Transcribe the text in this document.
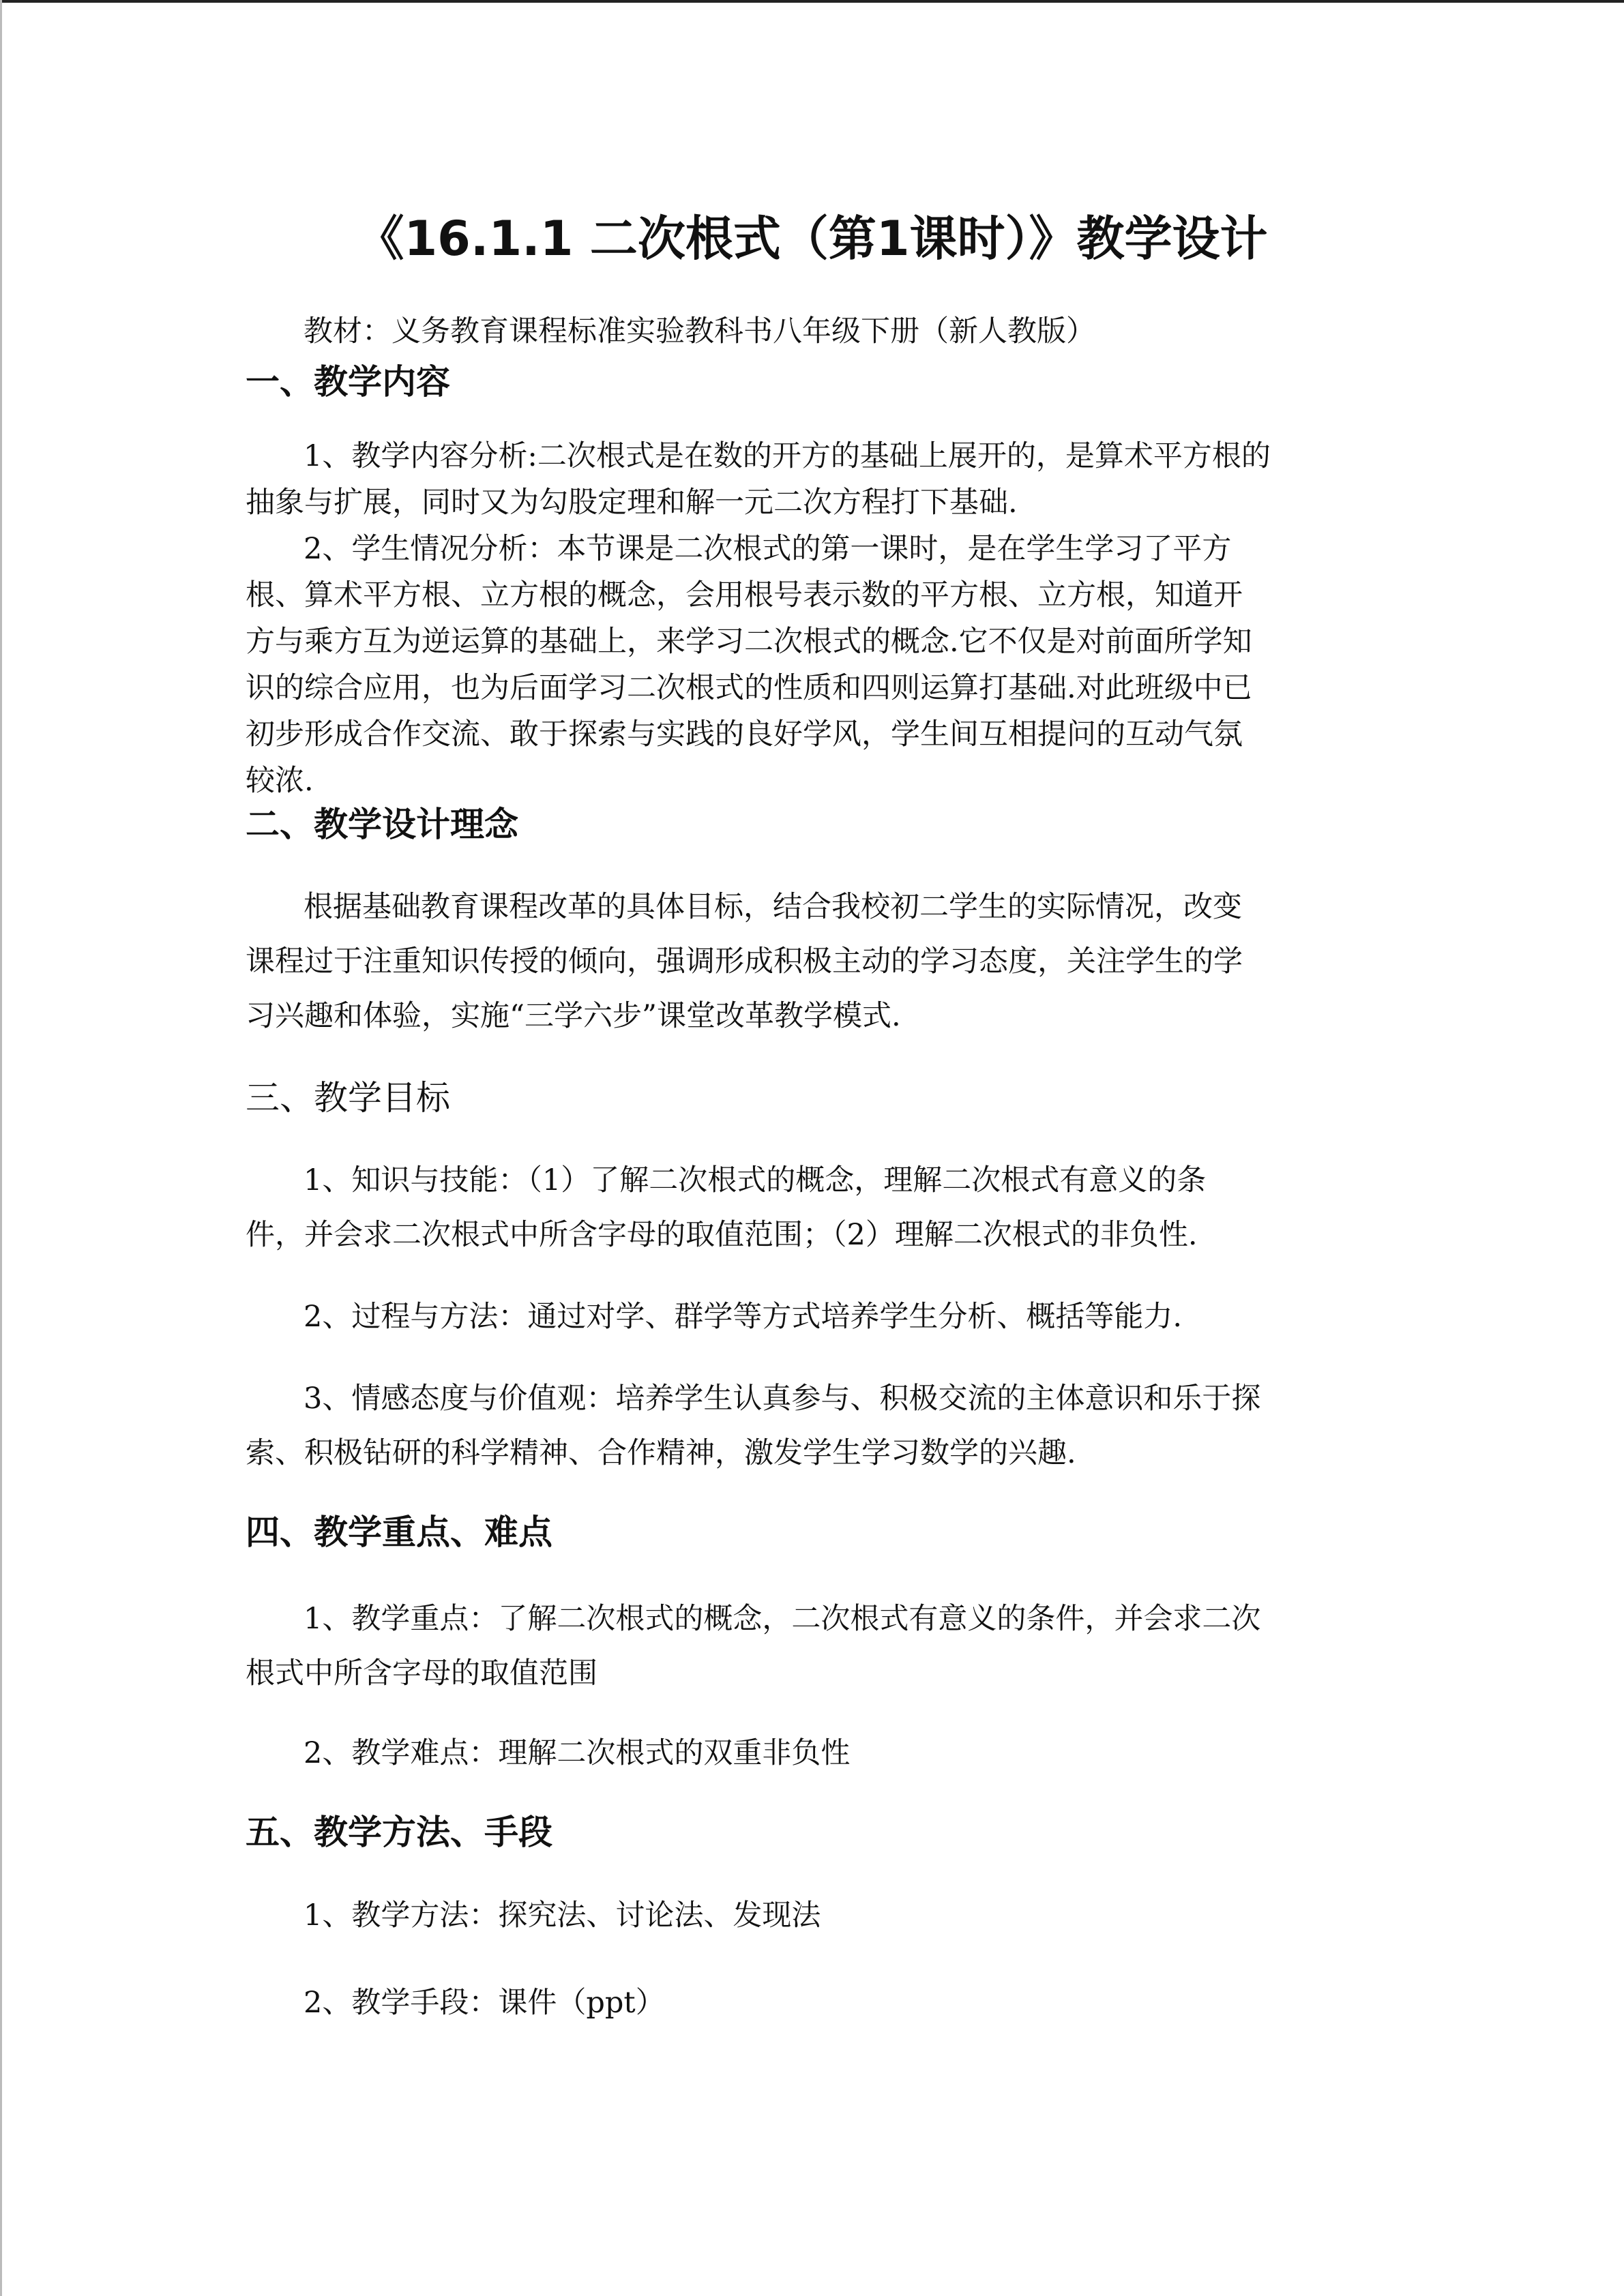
《16.1.1 二次根式（第1课时）》教学设计
教材：义务教育课程标准实验教科书八年级下册（新人教版）
一、教学内容
1、教学内容分析:二次根式是在数的开方的基础上展开的，是算术平方根的
抽象与扩展，同时又为勾股定理和解一元二次方程打下基础.
2、学生情况分析：本节课是二次根式的第一课时，是在学生学习了平方
根、算术平方根、立方根的概念，会用根号表示数的平方根、立方根，知道开
方与乘方互为逆运算的基础上，来学习二次根式的概念.它不仅是对前面所学知
识的综合应用，也为后面学习二次根式的性质和四则运算打基础.对此班级中已
初步形成合作交流、敢于探索与实践的良好学风，学生间互相提问的互动气氛
较浓.
二、教学设计理念
根据基础教育课程改革的具体目标，结合我校初二学生的实际情况，改变
课程过于注重知识传授的倾向，强调形成积极主动的学习态度，关注学生的学
习兴趣和体验，实施“三学六步”课堂改革教学模式.
三、教学目标
1、知识与技能：（1）了解二次根式的概念，理解二次根式有意义的条
件，并会求二次根式中所含字母的取值范围；（2）理解二次根式的非负性.
2、过程与方法：通过对学、群学等方式培养学生分析、概括等能力.
3、情感态度与价值观：培养学生认真参与、积极交流的主体意识和乐于探
索、积极钻研的科学精神、合作精神，激发学生学习数学的兴趣.
四、教学重点、难点
1、教学重点：了解二次根式的概念，二次根式有意义的条件，并会求二次
根式中所含字母的取值范围
2、教学难点：理解二次根式的双重非负性
五、教学方法、手段
1、教学方法：探究法、讨论法、发现法
2、教学手段：课件（ppt）
